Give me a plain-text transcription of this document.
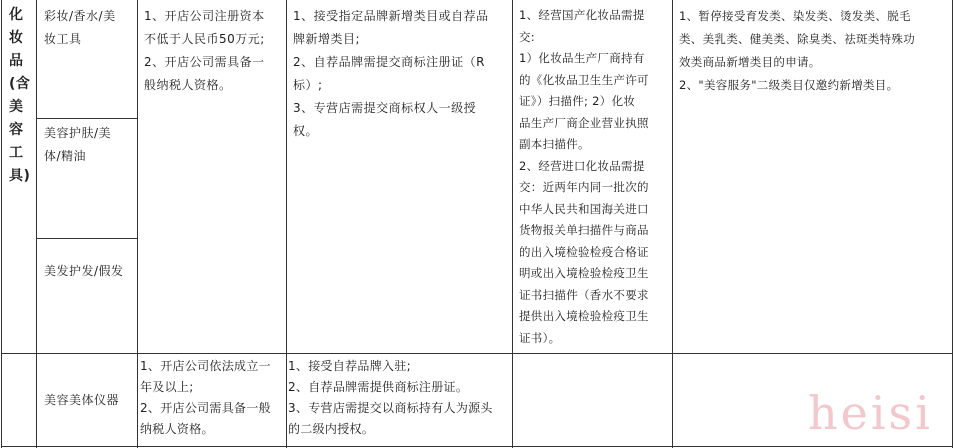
化
妆
品
(含
美
容
工
具)
彩妆/香水/美
妆工具
美容护肤/美
体/精油
美发护发/假发
1、开店公司注册资本
不低于人民币50万元;
2、开店公司需具备一
般纳税人资格。
1、接受指定品牌新增类目或自荐品
牌新增类目;
2、自荐品牌需提交商标注册证（R
标）;
3、专营店需提交商标权人一级授
权。
1、经营国产化妆品需提
交:
1）化妆品生产厂商持有
的《化妆品卫生生产许可
证》）扫描件; 2）化妆
品生产厂商企业营业执照
副本扫描件。
2、经营进口化妆品需提
交：近两年内同一批次的
中华人民共和国海关进口
货物报关单扫描件与商品
的出入境检验检疫合格证
明或出入境检验检疫卫生
证书扫描件（香水不要求
提供出入境检验检疫卫生
证书）。
1、暂停接受育发类、染发类、烫发类、脱毛
类、美乳类、健美类、除臭类、祛斑类特殊功
效类商品新增类目的申请。
2、"美容服务"二级类目仅邀约新增类目。
美容美体仪器
1、开店公司依法成立一
年及以上;
2、开店公司需具备一般
纳税人资格。
1、接受自荐品牌入驻;
2、自荐品牌需提供商标注册证。
3、专营店需提交以商标持有人为源头
的二级内授权。	heisi
